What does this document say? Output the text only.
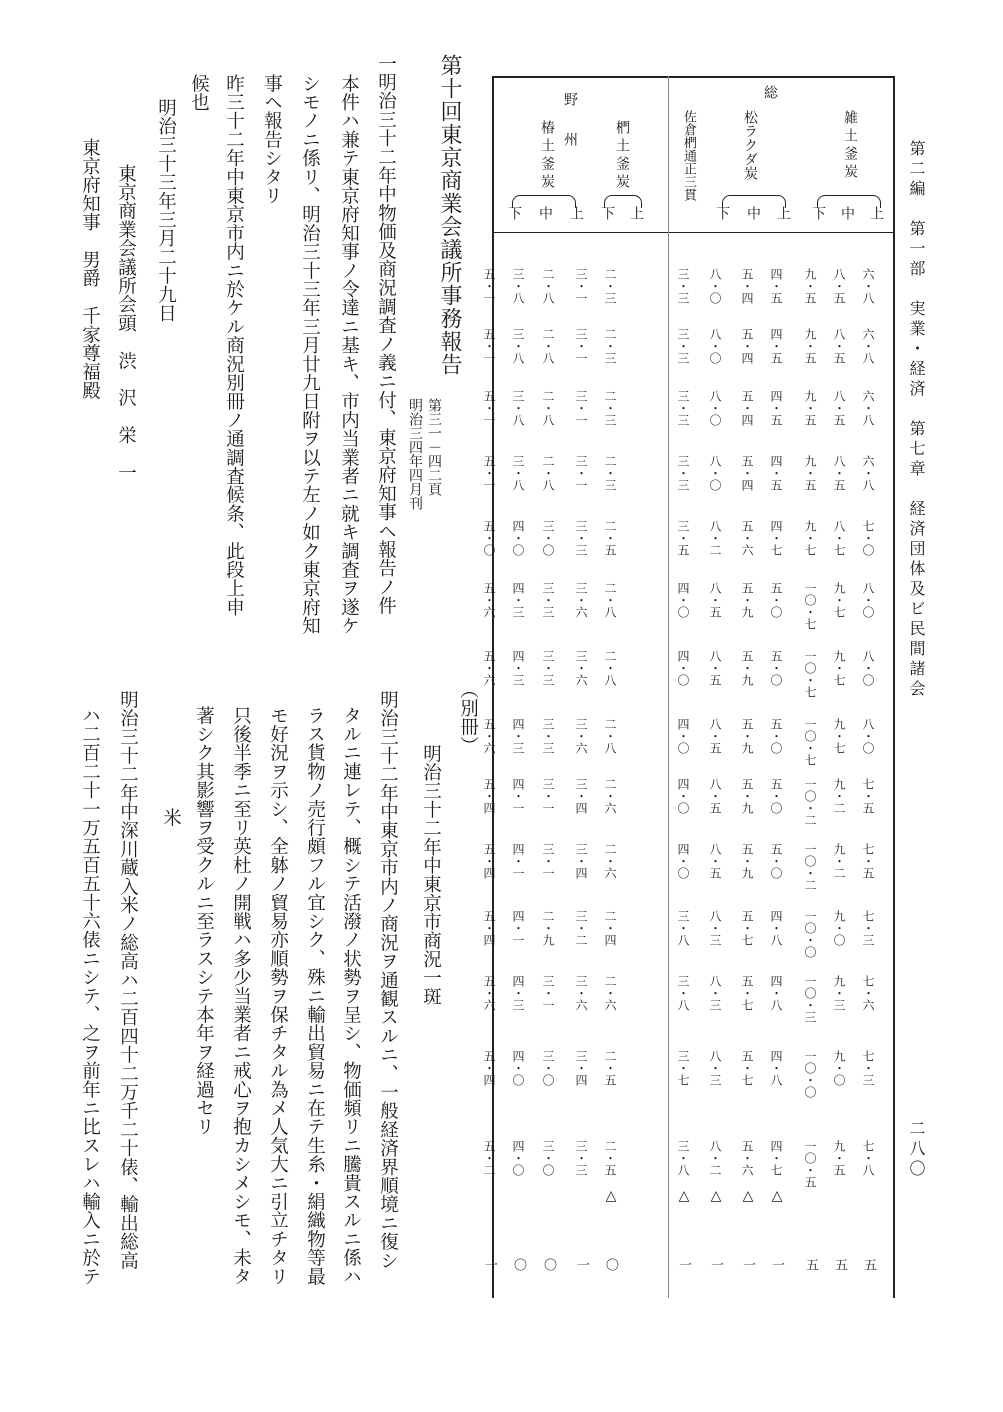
第二編　第一部　実業・経済　第七章　経済団体及ビ民間諸会
二八〇
総
野州	雑土釜炭
松ラクダ炭
佐倉椚通正三貫
椚土釜炭
椿土釜炭
上
中
下
上
中
下
上
下
上
中
下
六・八
八・五
九・五
四・五
五・四
八・〇
三・三
二・三
三・一
二・八
三・八
五・一
六・八
八・五
九・五
四・五
五・四
八・〇
三・三
二・三
三・一
二・八
三・八
五・一
六・八
八・五
九・五
四・五
五・四
八・〇
三・三
二・三
三・一
二・八
三・八
五・一
六・八
八・五
九・五
四・五
五・四
八・〇
三・三
二・三
三・一
二・八
三・八
五・一
七・〇
八・七
九・七
四・七
五・六
八・二
三・五
二・五
三・三
三・〇
四・〇
五・〇
八・〇
九・七
一〇・七
五・〇
五・九
八・五
四・〇
二・八
三・六
三・三
四・三
五・六
八・〇
九・七
一〇・七
五・〇
五・九
八・五
四・〇
二・八
三・六
三・三
四・三
五・六
八・〇
九・七
一〇・七
五・〇
五・九
八・五
四・〇
二・八
三・六
三・三
四・三
五・六
七・五
九・二
一〇・二
五・〇
五・九
八・五
四・〇
二・六
三・四
三・一
四・一
五・四
七・五
九・二
一〇・二
五・〇
五・九
八・五
四・〇
二・六
三・四
三・一
四・一
五・四
七・三
九・〇
一〇・〇
四・八
五・七
八・三
三・八
二・四
三・二
二・九
四・一
五・四
七・六
九・三
一〇・三
四・八
五・七
八・三
三・八
二・六
三・六
三・一
四・三
五・六
七・三
九・〇
一〇・〇
四・八
五・七
八・三
三・七
二・五
三・四
三・〇
四・〇
五・四
七・八
九・五
一〇・五
四・七
五・六
八・二
三・八
二・五
三・三
三・〇
四・〇
五・二
△
△
△
△
△
五
五
五
一
一
一
一
〇
一
〇
〇
一
第十回東京商業会議所事務報告
第三一－四二頁
明治三四年四月刊
一明治三十二年中物価及商況調査ノ義ニ付、東京府知事ヘ報告ノ件
本件ハ兼テ東京府知事ノ令達ニ基キ、市内当業者ニ就キ調査ヲ遂ケ
シモノニ係リ、明治三十三年三月廿九日附ヲ以テ左ノ如ク東京府知
事ヘ報告シタリ
昨三十二年中東京市内ニ於ケル商況別冊ノ通調査候条、此段上申
候也
明治三十三年三月二十九日
東京商業会議所会頭　渋　沢　栄　一
東京府知事　男爵　千家尊福殿
（別冊）
明治三十二年中東京市商況一斑
明治三十二年中東京市内ノ商況ヲ通観スルニ、一般経済界順境ニ復シ
タルニ連レテ、概シテ活潑ノ状勢ヲ呈シ、物価頻リニ騰貴スルニ係ハ
ラス貨物ノ売行頗フル宜シク、殊ニ輸出貿易ニ在テ生糸・絹織物等最
モ好況ヲ示シ、全躰ノ貿易亦順勢ヲ保チタル為メ人気大ニ引立チタリ
只後半季ニ至リ英杜ノ開戦ハ多少当業者ニ戒心ヲ抱カシメシモ、未タ
著シク其影響ヲ受クルニ至ラスシテ本年ヲ経過セリ
米
明治三十二年中深川蔵入米ノ総高ハ二百四十二万千二十俵、輸出総高
ハ二百二十一万五百五十六俵ニシテ、之ヲ前年ニ比スレハ輸入ニ於テ
